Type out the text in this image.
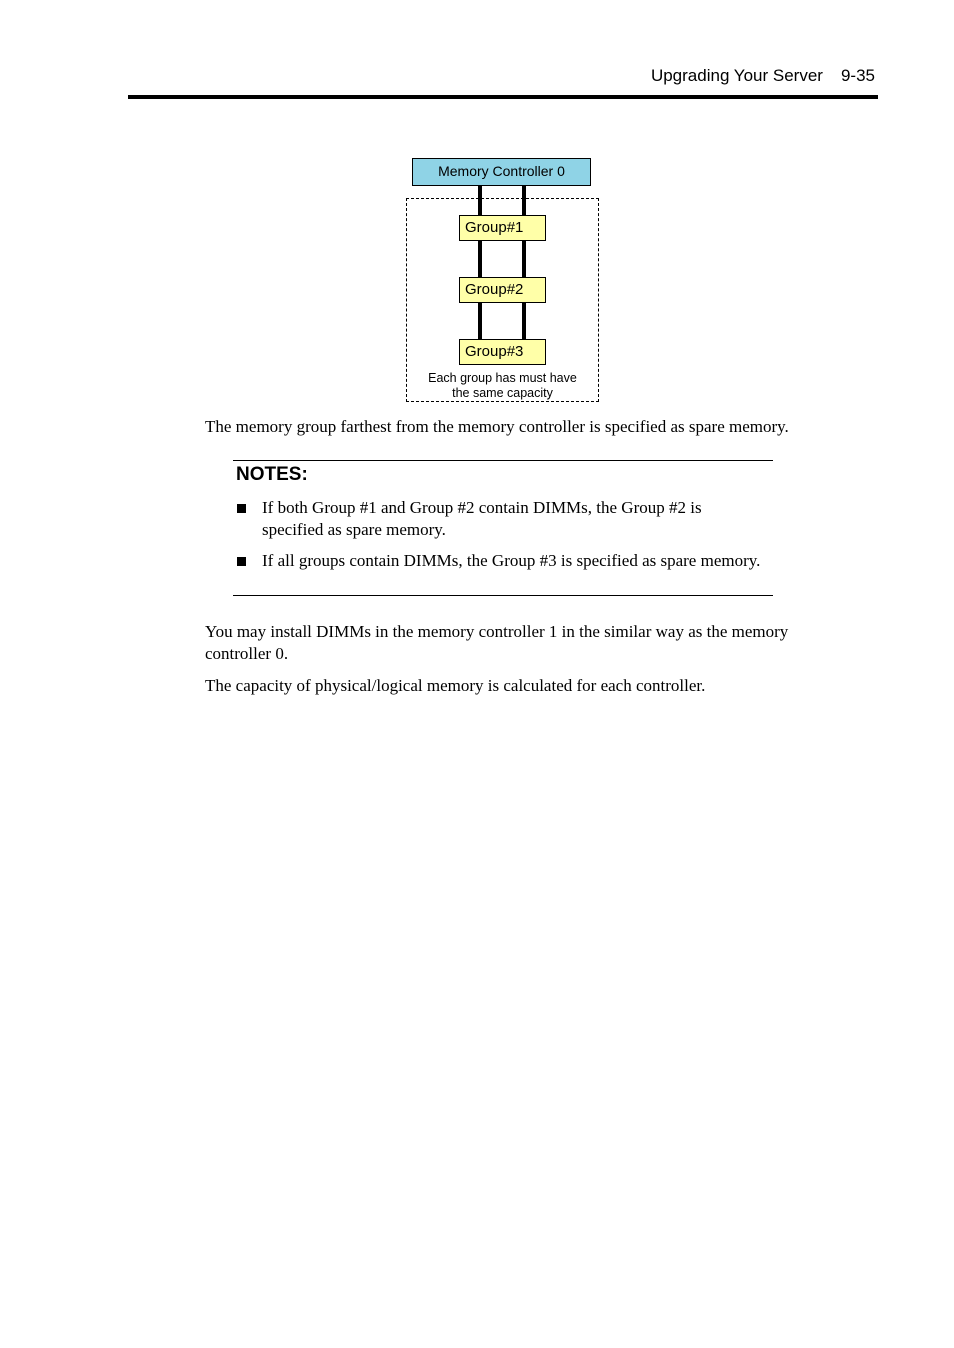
Upgrading Your Server 9-35
Memory Controller 0
Group#1
Group#2
Group#3
Each group has must have
the same capacity
The memory group farthest from the memory controller is specified as spare memory.
NOTES:
If both Group #1 and Group #2 contain DIMMs, the Group #2 is specified as spare memory.
If all groups contain DIMMs, the Group #3 is specified as spare memory.
You may install DIMMs in the memory controller 1 in the similar way as the memory controller 0.
The capacity of physical/logical memory is calculated for each controller.
